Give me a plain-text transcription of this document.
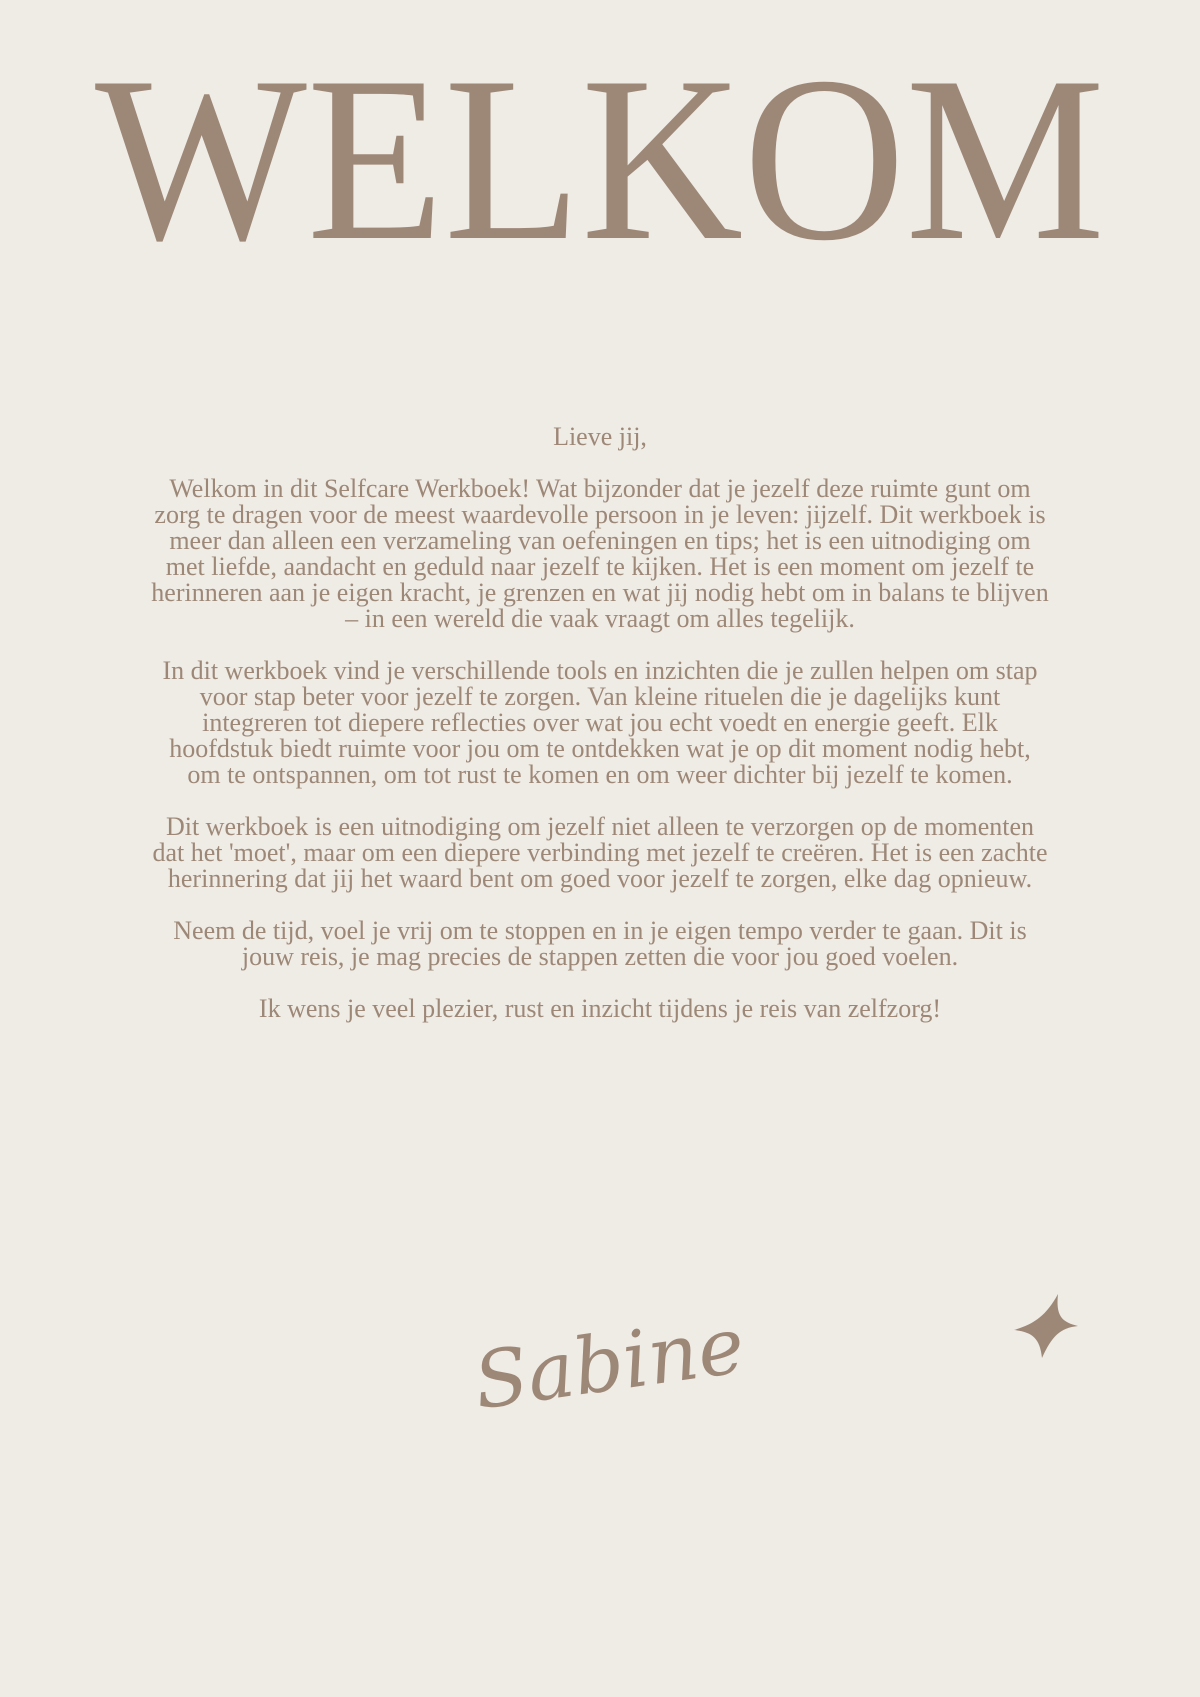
WELKOM

Lieve jij,

Welkom in dit Selfcare Werkboek! Wat bijzonder dat je jezelf deze ruimte gunt om zorg te dragen voor de meest waardevolle persoon in je leven: jijzelf. Dit werkboek is meer dan alleen een verzameling van oefeningen en tips; het is een uitnodiging om met liefde, aandacht en geduld naar jezelf te kijken. Het is een moment om jezelf te herinneren aan je eigen kracht, je grenzen en wat jij nodig hebt om in balans te blijven – in een wereld die vaak vraagt om alles tegelijk.

In dit werkboek vind je verschillende tools en inzichten die je zullen helpen om stap voor stap beter voor jezelf te zorgen. Van kleine rituelen die je dagelijks kunt integreren tot diepere reflecties over wat jou echt voedt en energie geeft. Elk hoofdstuk biedt ruimte voor jou om te ontdekken wat je op dit moment nodig hebt, om te ontspannen, om tot rust te komen en om weer dichter bij jezelf te komen.

Dit werkboek is een uitnodiging om jezelf niet alleen te verzorgen op de momenten dat het 'moet', maar om een diepere verbinding met jezelf te creëren. Het is een zachte herinnering dat jij het waard bent om goed voor jezelf te zorgen, elke dag opnieuw.

Neem de tijd, voel je vrij om te stoppen en in je eigen tempo verder te gaan. Dit is jouw reis, je mag precies de stappen zetten die voor jou goed voelen.

Ik wens je veel plezier, rust en inzicht tijdens je reis van zelfzorg!

Sabine
